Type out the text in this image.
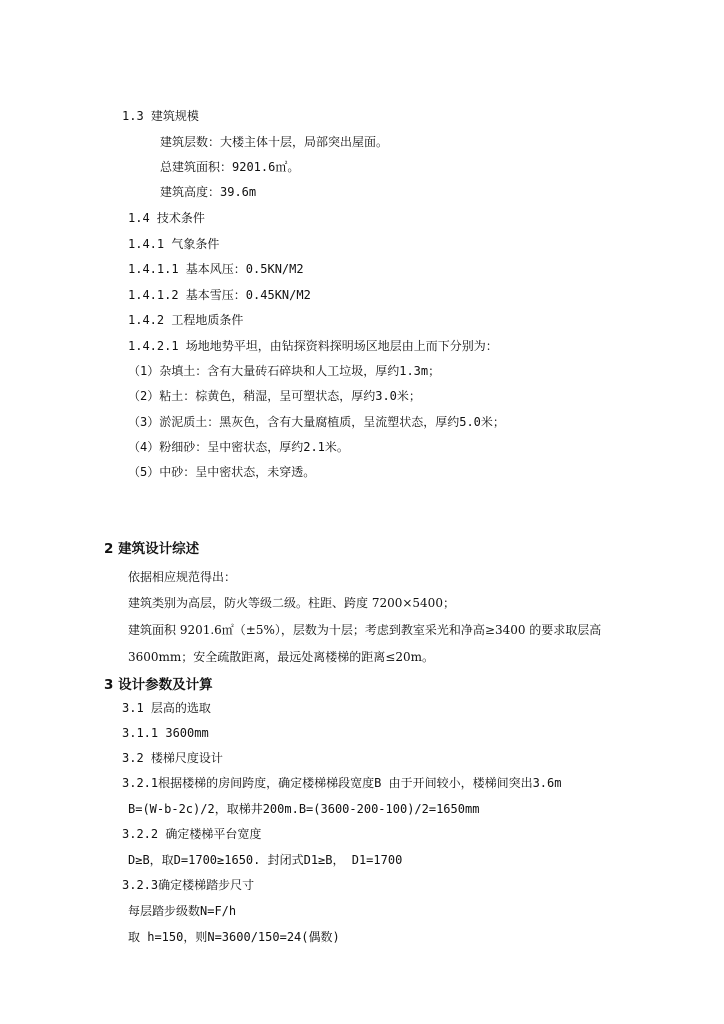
1.3 建筑规模
建筑层数：大楼主体十层，局部突出屋面。
总建筑面积：9201.6㎡。
建筑高度：39.6m
1.4 技术条件
1.4.1 气象条件
1.4.1.1 基本风压：0.5KN/M2
1.4.1.2 基本雪压：0.45KN/M2
1.4.2 工程地质条件
1.4.2.1 场地地势平坦，由钻探资料探明场区地层由上而下分别为：
（1）杂填土：含有大量砖石碎块和人工垃圾，厚约1.3m；
（2）粘土：棕黄色，稍湿，呈可塑状态，厚约3.0米；
（3）淤泥质土：黑灰色，含有大量腐植质，呈流塑状态，厚约5.0米；
（4）粉细砂：呈中密状态，厚约2.1米。
（5）中砂：呈中密状态，未穿透。
2 建筑设计综述
依据相应规范得出：
建筑类别为高层，防火等级二级。柱距、跨度 7200×5400；
建筑面积 9201.6㎡（±5%），层数为十层；考虑到教室采光和净高≥3400 的要求取层高
3600mm；安全疏散距离，最远处离楼梯的距离≤20m。
3 设计参数及计算
3.1 层高的选取
3.1.1 3600mm
3.2 楼梯尺度设计
3.2.1根据楼梯的房间跨度，确定楼梯梯段宽度B 由于开间较小，楼梯间突出3.6m
B=(W-b-2c)/2，取梯井200m.B=(3600-200-100)/2=1650mm
3.2.2 确定楼梯平台宽度
D≥B，取D=1700≥1650. 封闭式D1≥B， D1=1700
3.2.3确定楼梯踏步尺寸
每层踏步级数N=F/h
取 h=150，则N=3600/150=24(偶数)
